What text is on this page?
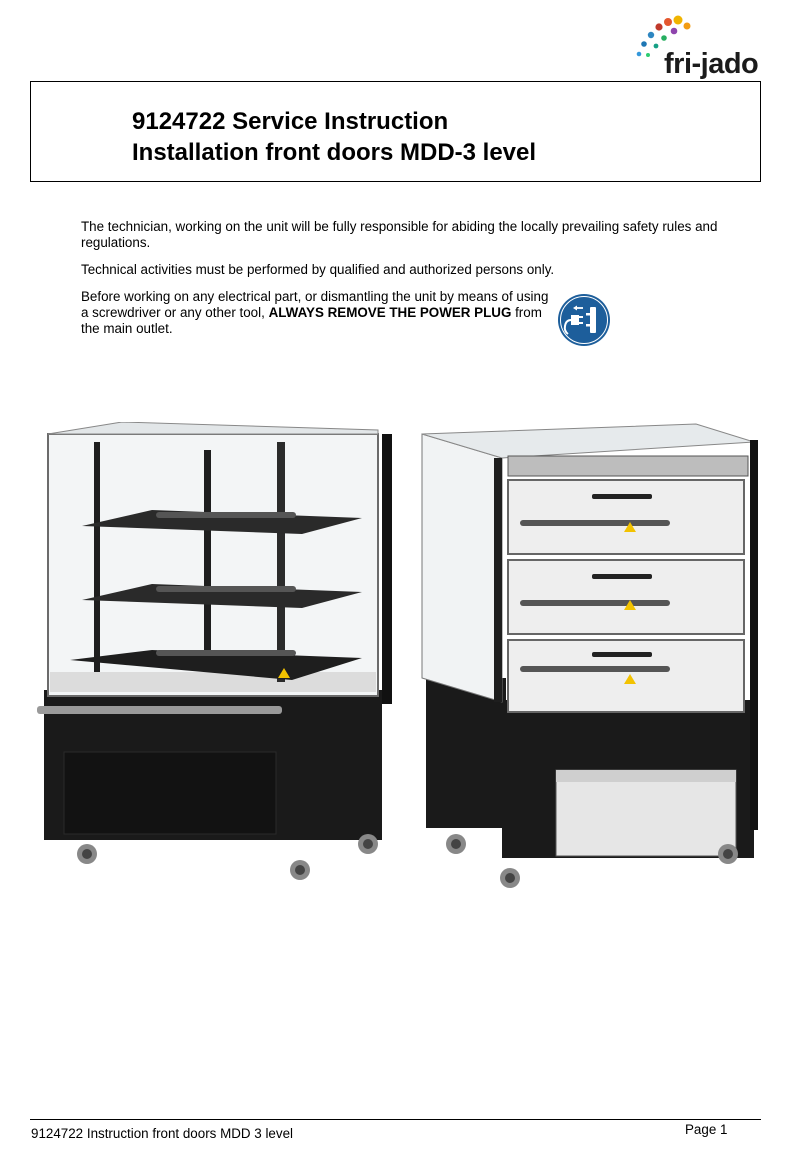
fri-jado
9124722 Service Instruction
Installation front doors MDD-3 level
The technician, working on the unit will be fully responsible for abiding the locally prevailing safety rules and regulations.
Technical activities must be performed by qualified and authorized persons only.
Before working on any electrical part, or dismantling the unit by means of using a screwdriver or any other tool, ALWAYS REMOVE THE POWER PLUG from the main outlet.
9124722 Instruction front doors MDD 3 level	Page 1
